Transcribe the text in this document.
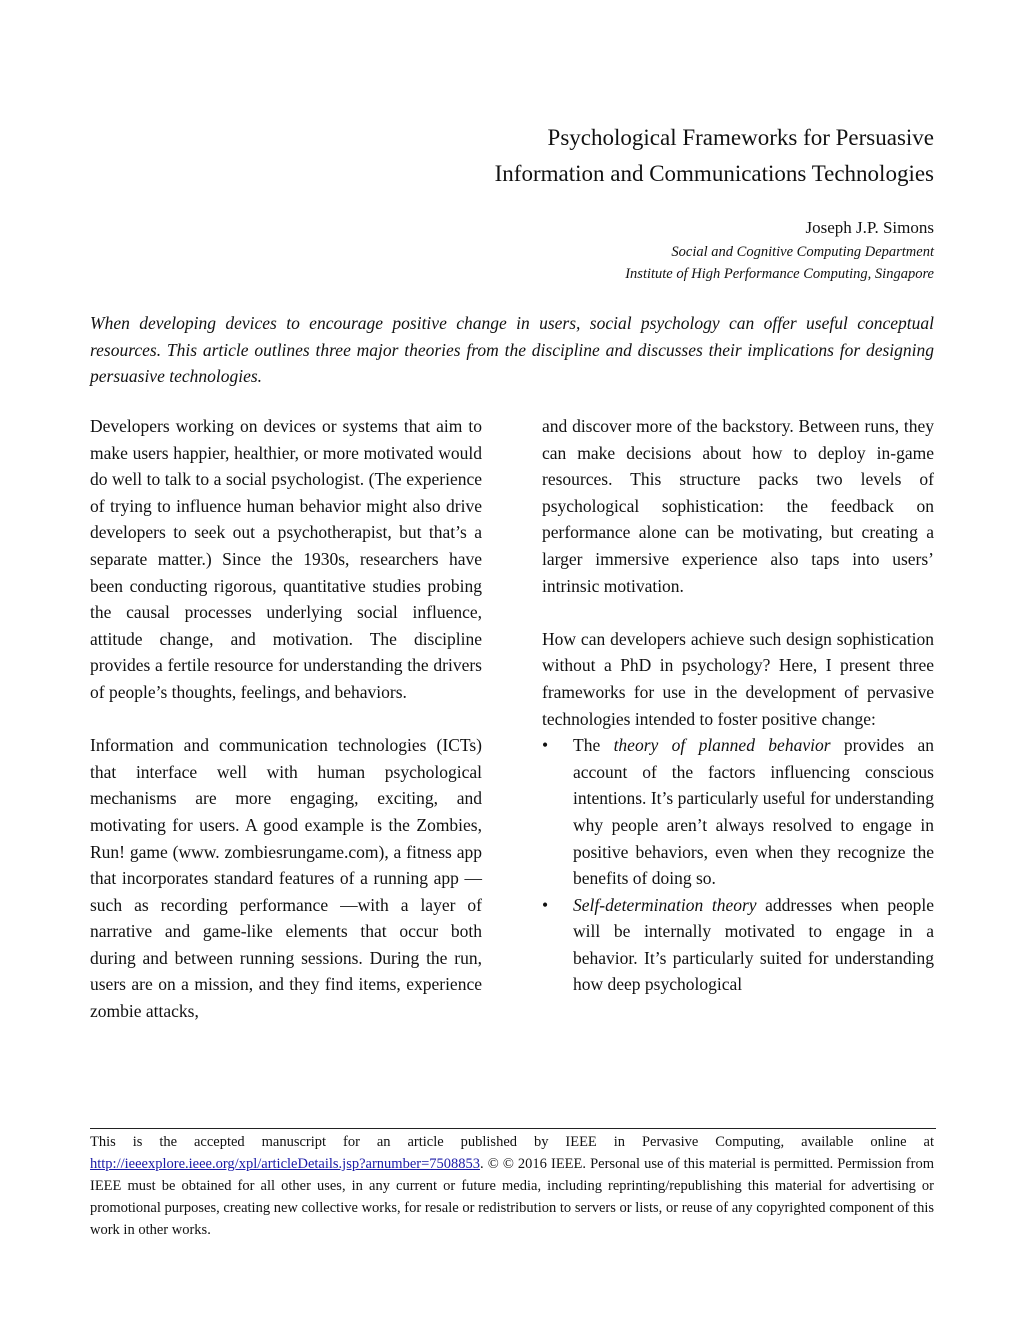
Psychological Frameworks for Persuasive
Information and Communications Technologies
Joseph J.P. Simons
Social and Cognitive Computing Department
Institute of High Performance Computing, Singapore

When developing devices to encourage positive change in users, social psychology can offer useful conceptual resources. This article outlines three major theories from the discipline and discusses their implications for designing persuasive technologies.

Developers working on devices or systems that aim to make users happier, healthier, or more motivated would do well to talk to a social psychologist. (The experience of trying to influence human behavior might also drive developers to seek out a psychotherapist, but that’s a separate matter.) Since the 1930s, researchers have been conducting rigorous, quantitative studies probing the causal processes underlying social influence, attitude change, and motivation. The discipline provides a fertile resource for understanding the drivers of people’s thoughts, feelings, and behaviors.

Information and communication technologies (ICTs) that interface well with human psychological mechanisms are more engaging, exciting, and motivating for users. A good example is the Zombies, Run! game (www. zombiesrungame.com), a fitness app that incorporates standard features of a running app — such as recording performance —with a layer of narrative and game-like elements that occur both during and between running sessions. During the run, users are on a mission, and they find items, experience zombie attacks,

and discover more of the backstory. Between runs, they can make decisions about how to deploy in-game resources. This structure packs two levels of psychological sophistication: the feedback on performance alone can be motivating, but creating a larger immersive experience also taps into users’ intrinsic motivation.

How can developers achieve such design sophistication without a PhD in psychology? Here, I present three frameworks for use in the development of pervasive technologies intended to foster positive change:

• The theory of planned behavior provides an account of the factors influencing conscious intentions. It’s particularly useful for understanding why people aren’t always resolved to engage in positive behaviors, even when they recognize the benefits of doing so.
• Self-determination theory addresses when people will be internally motivated to engage in a behavior. It’s particularly suited for understanding how deep psychological

This is the accepted manuscript for an article published by IEEE in Pervasive Computing, available online at http://ieeexplore.ieee.org/xpl/articleDetails.jsp?arnumber=7508853. © © 2016 IEEE. Personal use of this material is permitted. Permission from IEEE must be obtained for all other uses, in any current or future media, including reprinting/republishing this material for advertising or promotional purposes, creating new collective works, for resale or redistribution to servers or lists, or reuse of any copyrighted component of this work in other works.
